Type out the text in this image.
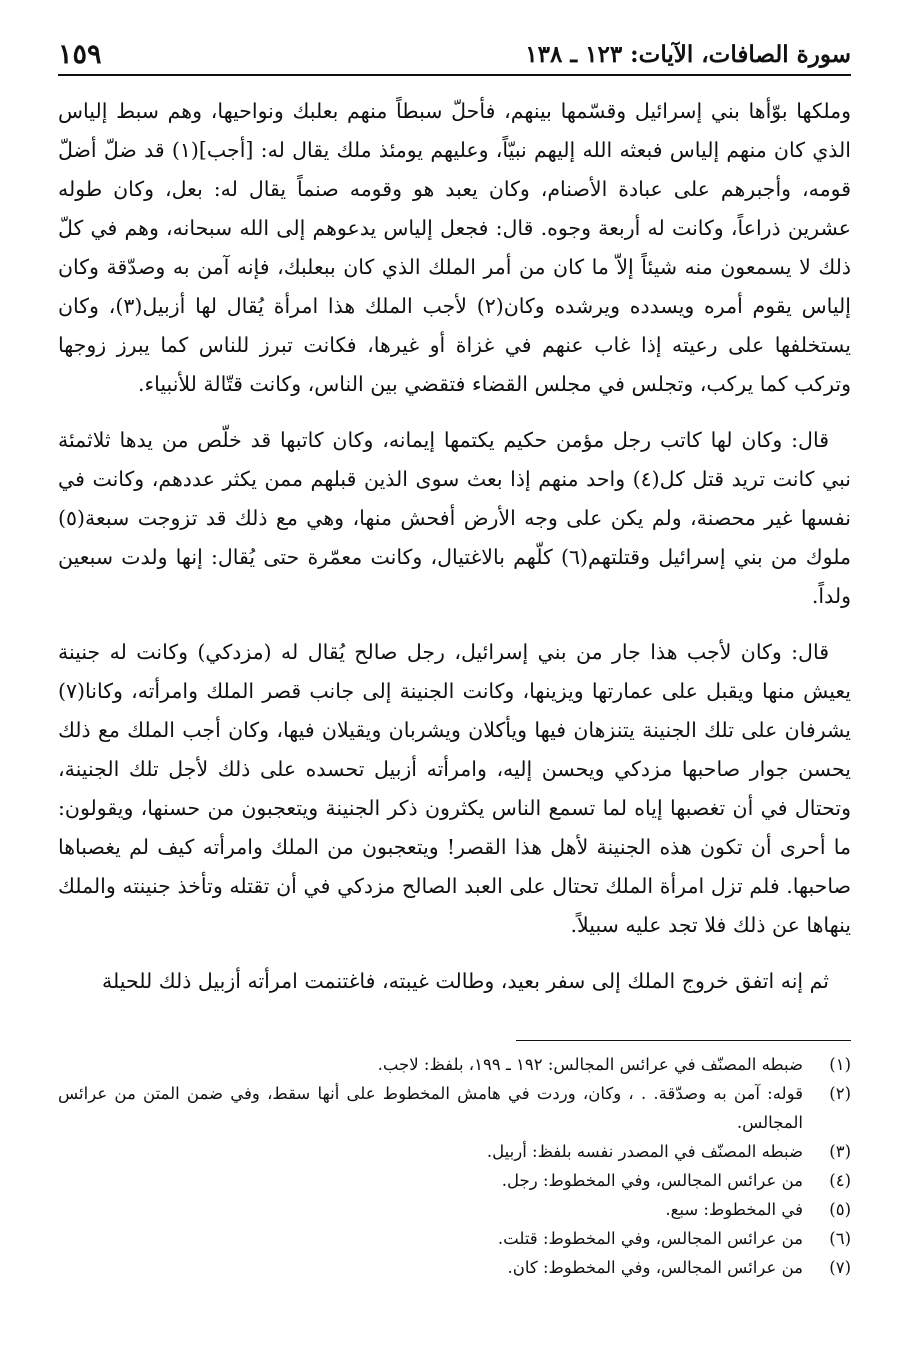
سورة الصافات، الآيات: ١٢٣ ـ ١٣٨
١٥٩

وملكها بوّأها بني إسرائيل وقسّمها بينهم، فأحلّ سبطاً منهم بعلبك ونواحيها، وهم سبط إلياس الذي كان منهم إلياس فبعثه الله إليهم نبيّاً، وعليهم يومئذ ملك يقال له: [أجب](١) قد ضلّ أضلّ قومه، وأجبرهم على عبادة الأصنام، وكان يعبد هو وقومه صنماً يقال له: بعل، وكان طوله عشرين ذراعاً، وكانت له أربعة وجوه. قال: فجعل إلياس يدعوهم إلى الله سبحانه، وهم في كلّ ذلك لا يسمعون منه شيئاً إلاّ ما كان من أمر الملك الذي كان ببعلبك، فإنه آمن به وصدّقة وكان إلياس يقوم أمره ويسدده ويرشده وكان(٢) لأجب الملك هذا امرأة يُقال لها أزبيل(٣)، وكان يستخلفها على رعيته إذا غاب عنهم في غزاة أو غيرها، فكانت تبرز للناس كما يبرز زوجها وتركب كما يركب، وتجلس في مجلس القضاء فتقضي بين الناس، وكانت قتّالة للأنبياء.

قال: وكان لها كاتب رجل مؤمن حكيم يكتمها إيمانه، وكان كاتبها قد خلّص من يدها ثلاثمئة نبي كانت تريد قتل كل(٤) واحد منهم إذا بعث سوى الذين قبلهم ممن يكثر عددهم، وكانت في نفسها غير محصنة، ولم يكن على وجه الأرض أفحش منها، وهي مع ذلك قد تزوجت سبعة(٥) ملوك من بني إسرائيل وقتلتهم(٦) كلّهم بالاغتيال، وكانت معمّرة حتى يُقال: إنها ولدت سبعين ولداً.

قال: وكان لأجب هذا جار من بني إسرائيل، رجل صالح يُقال له (مزدكي) وكانت له جنينة يعيش منها ويقبل على عمارتها ويزينها، وكانت الجنينة إلى جانب قصر الملك وامرأته، وكانا(٧) يشرفان على تلك الجنينة يتنزهان فيها ويأكلان ويشربان ويقيلان فيها، وكان أجب الملك مع ذلك يحسن جوار صاحبها مزدكي ويحسن إليه، وامرأته أزبيل تحسده على ذلك لأجل تلك الجنينة، وتحتال في أن تغصبها إياه لما تسمع الناس يكثرون ذكر الجنينة ويتعجبون من حسنها، ويقولون: ما أحرى أن تكون هذه الجنينة لأهل هذا القصر! ويتعجبون من الملك وامرأته كيف لم يغصباها صاحبها. فلم تزل امرأة الملك تحتال على العبد الصالح مزدكي في أن تقتله وتأخذ جنينته والملك ينهاها عن ذلك فلا تجد عليه سبيلاً.

ثم إنه اتفق خروج الملك إلى سفر بعيد، وطالت غيبته، فاغتنمت امرأته أزبيل ذلك للحيلة

(١)
ضبطه المصنّف في عرائس المجالس: ١٩٢ ـ ١٩٩، بلفظ: لاجب.
(٢)
قوله: آمن به وصدّقة. . ، وكان، وردت في هامش المخطوط على أنها سقط، وفي ضمن المتن من عرائس المجالس.
(٣)
ضبطه المصنّف في المصدر نفسه بلفظ: أربيل.
(٤)
من عرائس المجالس، وفي المخطوط: رجل.
(٥)
في المخطوط: سبع.
(٦)
من عرائس المجالس، وفي المخطوط: قتلت.
(٧)
من عرائس المجالس، وفي المخطوط: كان.
